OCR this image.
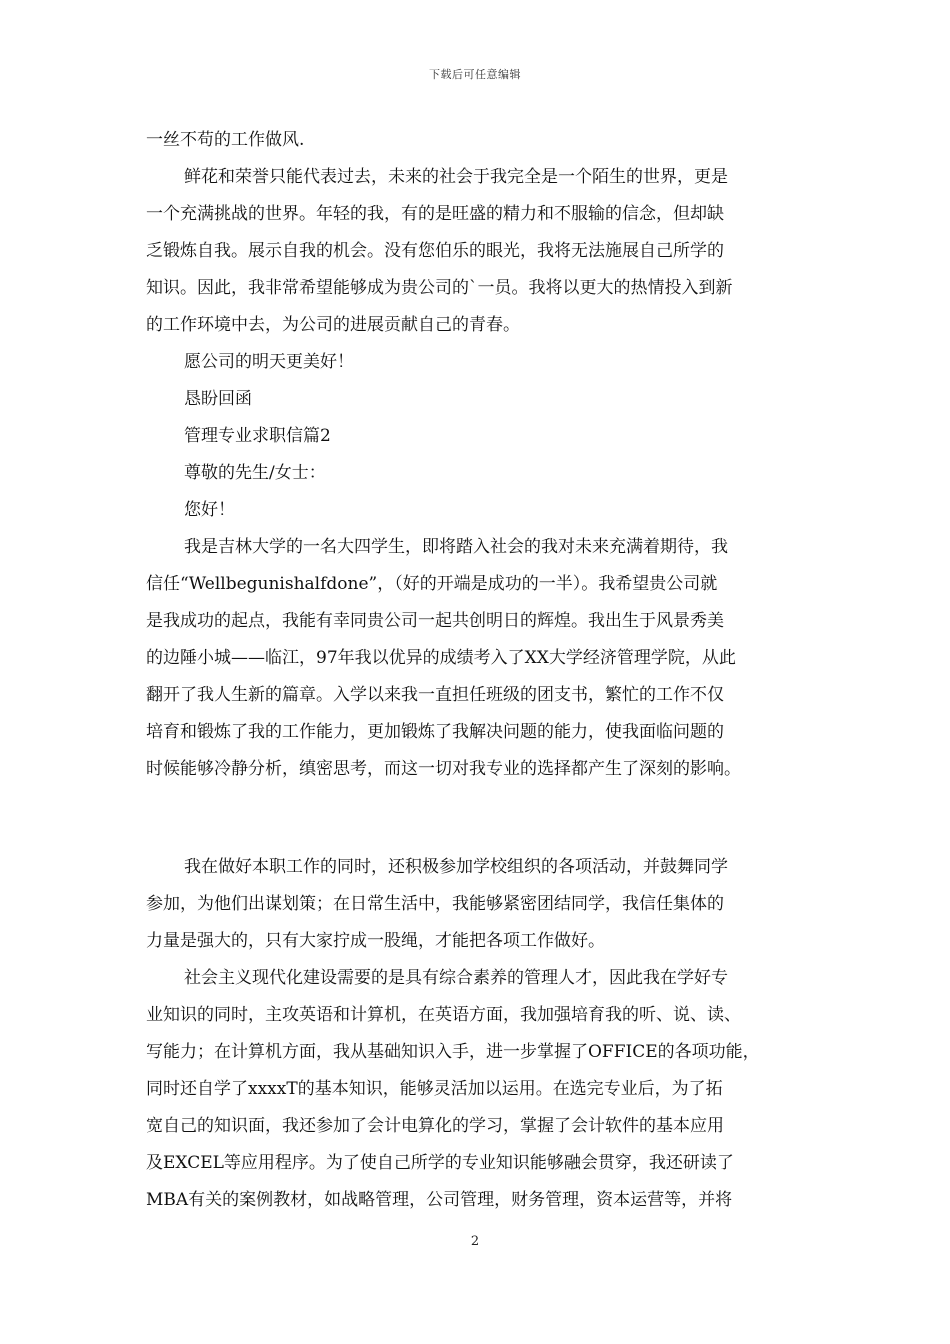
下载后可任意编辑
一丝不苟的工作做风.
鲜花和荣誉只能代表过去，未来的社会于我完全是一个陌生的世界，更是
一个充满挑战的世界。年轻的我，有的是旺盛的精力和不服输的信念，但却缺
乏锻炼自我。展示自我的机会。没有您伯乐的眼光，我将无法施展自己所学的
知识。因此，我非常希望能够成为贵公司的`一员。我将以更大的热情投入到新
的工作环境中去，为公司的进展贡献自己的青春。
愿公司的明天更美好！
恳盼回函
管理专业求职信篇2
尊敬的先生/女士：
您好！
我是吉林大学的一名大四学生，即将踏入社会的我对未来充满着期待，我
信任“Wellbegunishalfdone”，（好的开端是成功的一半）。我希望贵公司就
是我成功的起点，我能有幸同贵公司一起共创明日的辉煌。我出生于风景秀美
的边陲小城——临江，97年我以优异的成绩考入了XX大学经济管理学院，从此
翻开了我人生新的篇章。入学以来我一直担任班级的团支书，繁忙的工作不仅
培育和锻炼了我的工作能力，更加锻炼了我解决问题的能力，使我面临问题的
时候能够冷静分析，缜密思考，而这一切对我专业的选择都产生了深刻的影响。
我在做好本职工作的同时，还积极参加学校组织的各项活动，并鼓舞同学
参加，为他们出谋划策；在日常生活中，我能够紧密团结同学，我信任集体的
力量是强大的，只有大家拧成一股绳，才能把各项工作做好。
社会主义现代化建设需要的是具有综合素养的管理人才，因此我在学好专
业知识的同时，主攻英语和计算机，在英语方面，我加强培育我的听、说、读、
写能力；在计算机方面，我从基础知识入手，进一步掌握了OFFICE的各项功能，
同时还自学了xxxxT的基本知识，能够灵活加以运用。在选完专业后，为了拓
宽自己的知识面，我还参加了会计电算化的学习，掌握了会计软件的基本应用
及EXCEL等应用程序。为了使自己所学的专业知识能够融会贯穿，我还研读了
MBA有关的案例教材，如战略管理，公司管理，财务管理，资本运营等，并将
2
